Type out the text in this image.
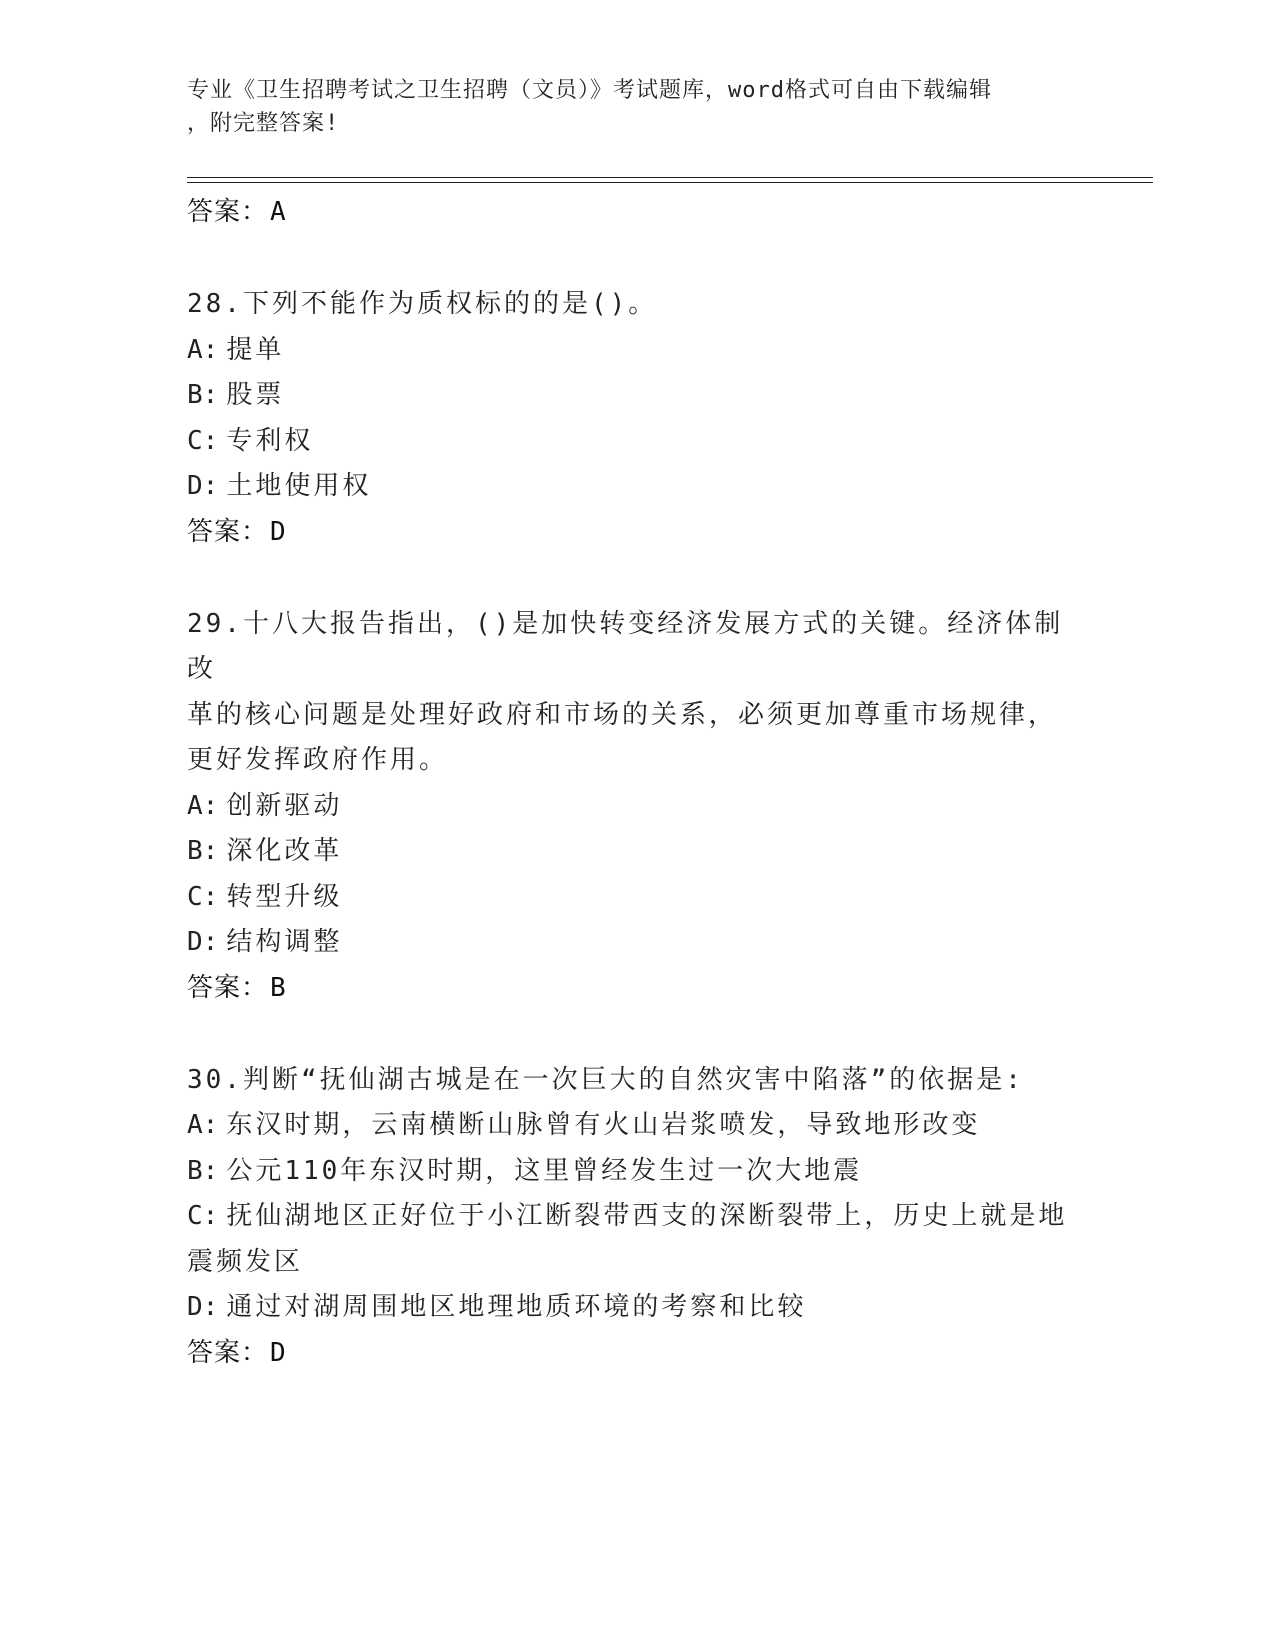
专业《卫生招聘考试之卫生招聘（文员）》考试题库，word格式可自由下载编辑
，附完整答案!
答案：A
28.下列不能作为质权标的的是()。
A: 提单
B: 股票
C: 专利权
D: 土地使用权
答案：D
29.十八大报告指出，()是加快转变经济发展方式的关键。经济体制改
革的核心问题是处理好政府和市场的关系，必须更加尊重市场规律，
更好发挥政府作用。
A: 创新驱动
B: 深化改革
C: 转型升级
D: 结构调整
答案：B
30.判断“抚仙湖古城是在一次巨大的自然灾害中陷落”的依据是:
A: 东汉时期，云南横断山脉曾有火山岩浆喷发，导致地形改变
B: 公元110年东汉时期，这里曾经发生过一次大地震
C: 抚仙湖地区正好位于小江断裂带西支的深断裂带上，历史上就是地
震频发区
D: 通过对湖周围地区地理地质环境的考察和比较
答案：D
